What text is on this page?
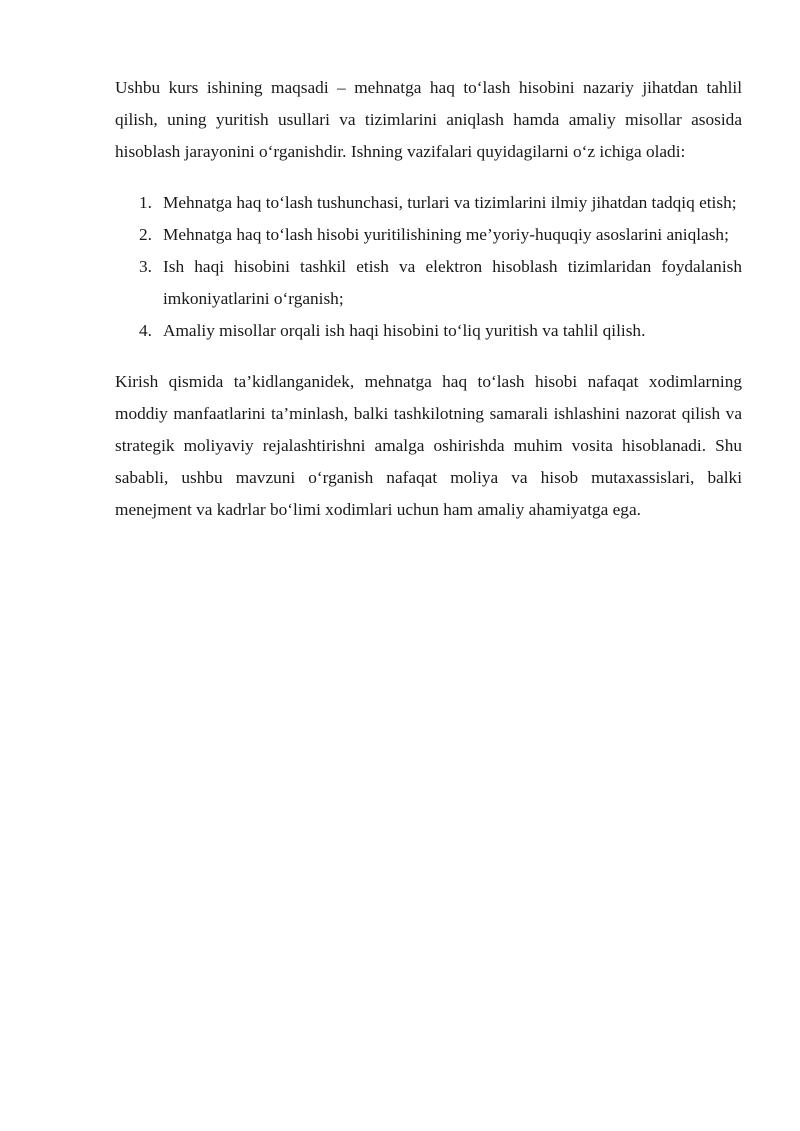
Ushbu kurs ishining maqsadi – mehnatga haq to‘lash hisobini nazariy jihatdan tahlil qilish, uning yuritish usullari va tizimlarini aniqlash hamda amaliy misollar asosida hisoblash jarayonini o‘rganishdir. Ishning vazifalari quyidagilarni o‘z ichiga oladi:

1. Mehnatga haq to‘lash tushunchasi, turlari va tizimlarini ilmiy jihatdan tadqiq etish;
2. Mehnatga haq to‘lash hisobi yuritilishining me’yoriy-huquqiy asoslarini aniqlash;
3. Ish haqi hisobini tashkil etish va elektron hisoblash tizimlaridan foydalanish imkoniyatlarini o‘rganish;
4. Amaliy misollar orqali ish haqi hisobini to‘liq yuritish va tahlil qilish.

Kirish qismida ta’kidlanganidek, mehnatga haq to‘lash hisobi nafaqat xodimlarning moddiy manfaatlarini ta’minlash, balki tashkilotning samarali ishlashini nazorat qilish va strategik moliyaviy rejalashtirishni amalga oshirishda muhim vosita hisoblanadi. Shu sababli, ushbu mavzuni o‘rganish nafaqat moliya va hisob mutaxassislari, balki menejment va kadrlar bo‘limi xodimlari uchun ham amaliy ahamiyatga ega.
